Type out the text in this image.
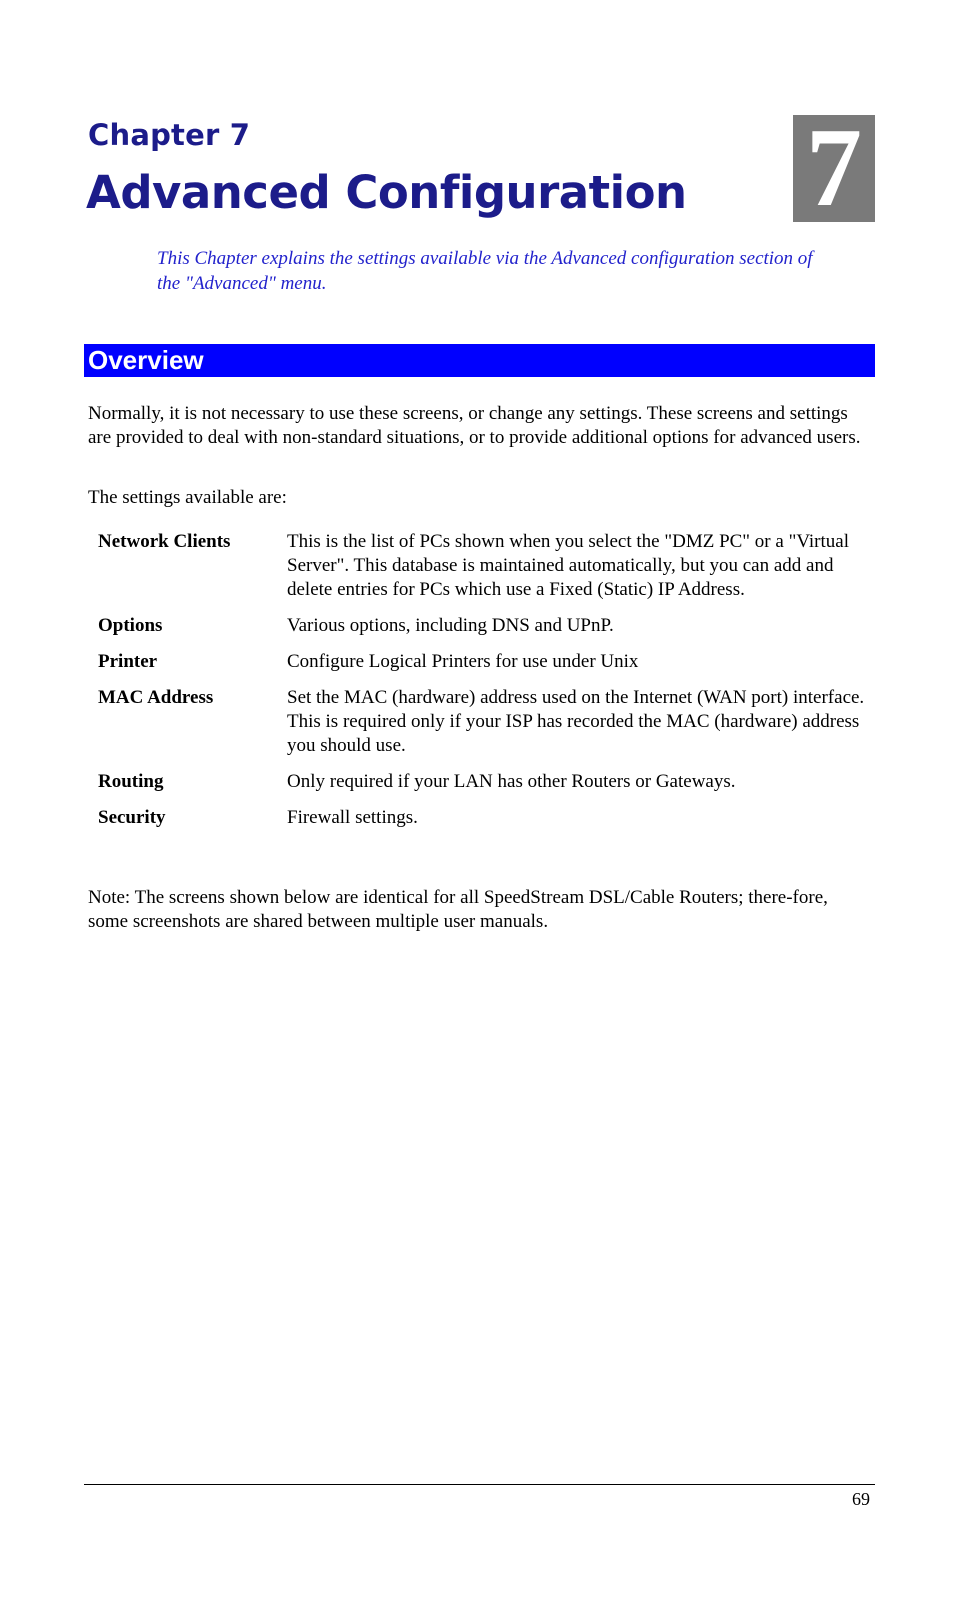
Chapter 7
Advanced Configuration 7
This Chapter explains the settings available via the Advanced configuration section of the "Advanced" menu.
Overview
Normally, it is not necessary to use these screens, or change any settings. These screens and settings are provided to deal with non-standard situations, or to provide additional options for advanced users.
The settings available are:
Network Clients	This is the list of PCs shown when you select the "DMZ PC" or a "Virtual Server". This database is maintained automatically, but you can add and delete entries for PCs which use a Fixed (Static) IP Address.
Options	Various options, including DNS and UPnP.
Printer	Configure Logical Printers for use under Unix
MAC Address	Set the MAC (hardware) address used on the Internet (WAN port) interface. This is required only if your ISP has recorded the MAC (hardware) address you should use.
Routing	Only required if your LAN has other Routers or Gateways.
Security	Firewall settings.
Note: The screens shown below are identical for all SpeedStream DSL/Cable Routers; there-fore, some screenshots are shared between multiple user manuals.
69
